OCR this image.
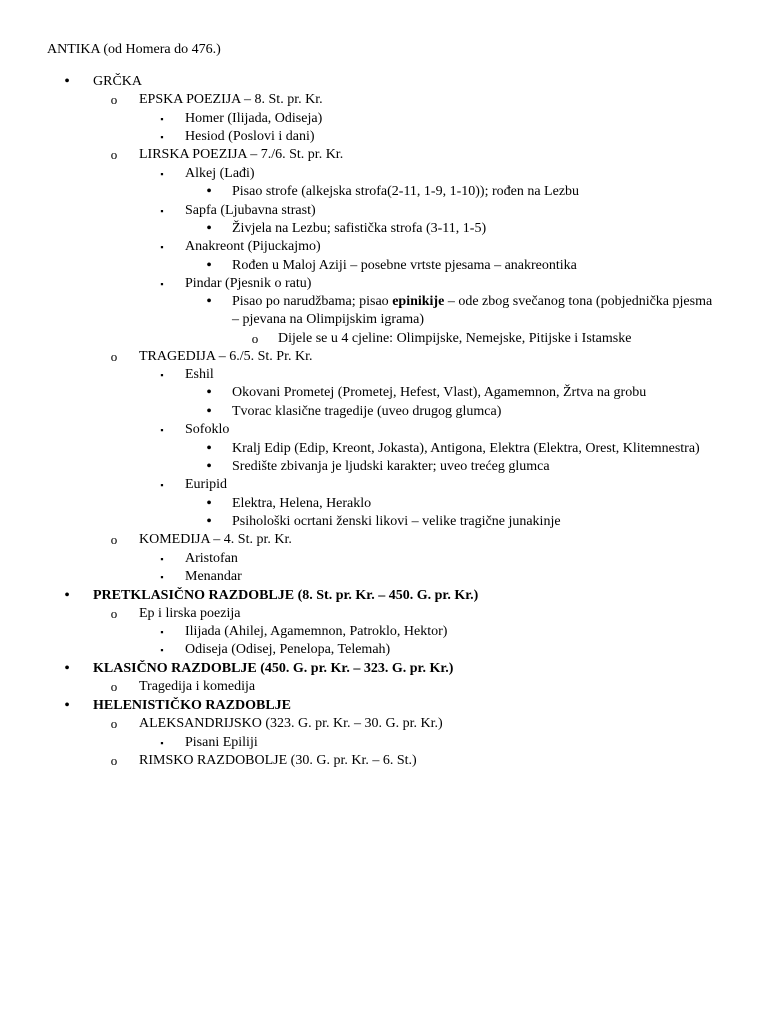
ANTIKA (od Homera do 476.)
• GRČKA
o EPSKA POEZIJA – 8. St. pr. Kr.
▪	Homer (Ilijada, Odiseja)
▪	Hesiod (Poslovi i dani)
o LIRSKA POEZIJA – 7./6. St. pr. Kr.
▪	Alkej (Lađi)
• Pisao strofe (alkejska strofa(2-11, 1-9, 1-10)); rođen na Lezbu
▪	Sapfa (Ljubavna strast)
• Živjela na Lezbu; safistička strofa (3-11, 1-5)
▪	Anakreont (Pijuckajmo)
• Rođen u Maloj Aziji – posebne vrtste pjesama – anakreontika
▪	Pindar (Pjesnik o ratu)
• Pisao po narudžbama; pisao epinikije – ode zbog svečanog tona (pobjednička pjesma
– pjevana na Olimpijskim igrama)
o Dijele se u 4 cjeline: Olimpijske, Nemejske, Pitijske i Istamske
o TRAGEDIJA – 6./5. St. Pr. Kr.
▪	Eshil
• Okovani Prometej (Prometej, Hefest, Vlast), Agamemnon, Žrtva na grobu
• Tvorac klasične tragedije (uveo drugog glumca)
▪	Sofoklo
• Kralj Edip (Edip, Kreont, Jokasta), Antigona, Elektra (Elektra, Orest, Klitemnestra)
• Središte zbivanja je ljudski karakter; uveo trećeg glumca
▪	Euripid
• Elektra, Helena, Heraklo
• Psihološki ocrtani ženski likovi – velike tragične junakinje
o KOMEDIJA – 4. St. pr. Kr.
▪	Aristofan
▪	Menandar
• PRETKLASIČNO RAZDOBLJE (8. St. pr. Kr. – 450. G. pr. Kr.)
o Ep i lirska poezija
▪	Ilijada (Ahilej, Agamemnon, Patroklo, Hektor)
▪	Odiseja (Odisej, Penelopa, Telemah)
• KLASIČNO RAZDOBLJE (450. G. pr. Kr. – 323. G. pr. Kr.)
o Tragedija i komedija
• HELENISTIČKO RAZDOBLJE
o ALEKSANDRIJSKO (323. G. pr. Kr. – 30. G. pr. Kr.)
▪	Pisani Epiliji
o RIMSKO RAZDOBOLJE (30. G. pr. Kr. – 6. St.)
